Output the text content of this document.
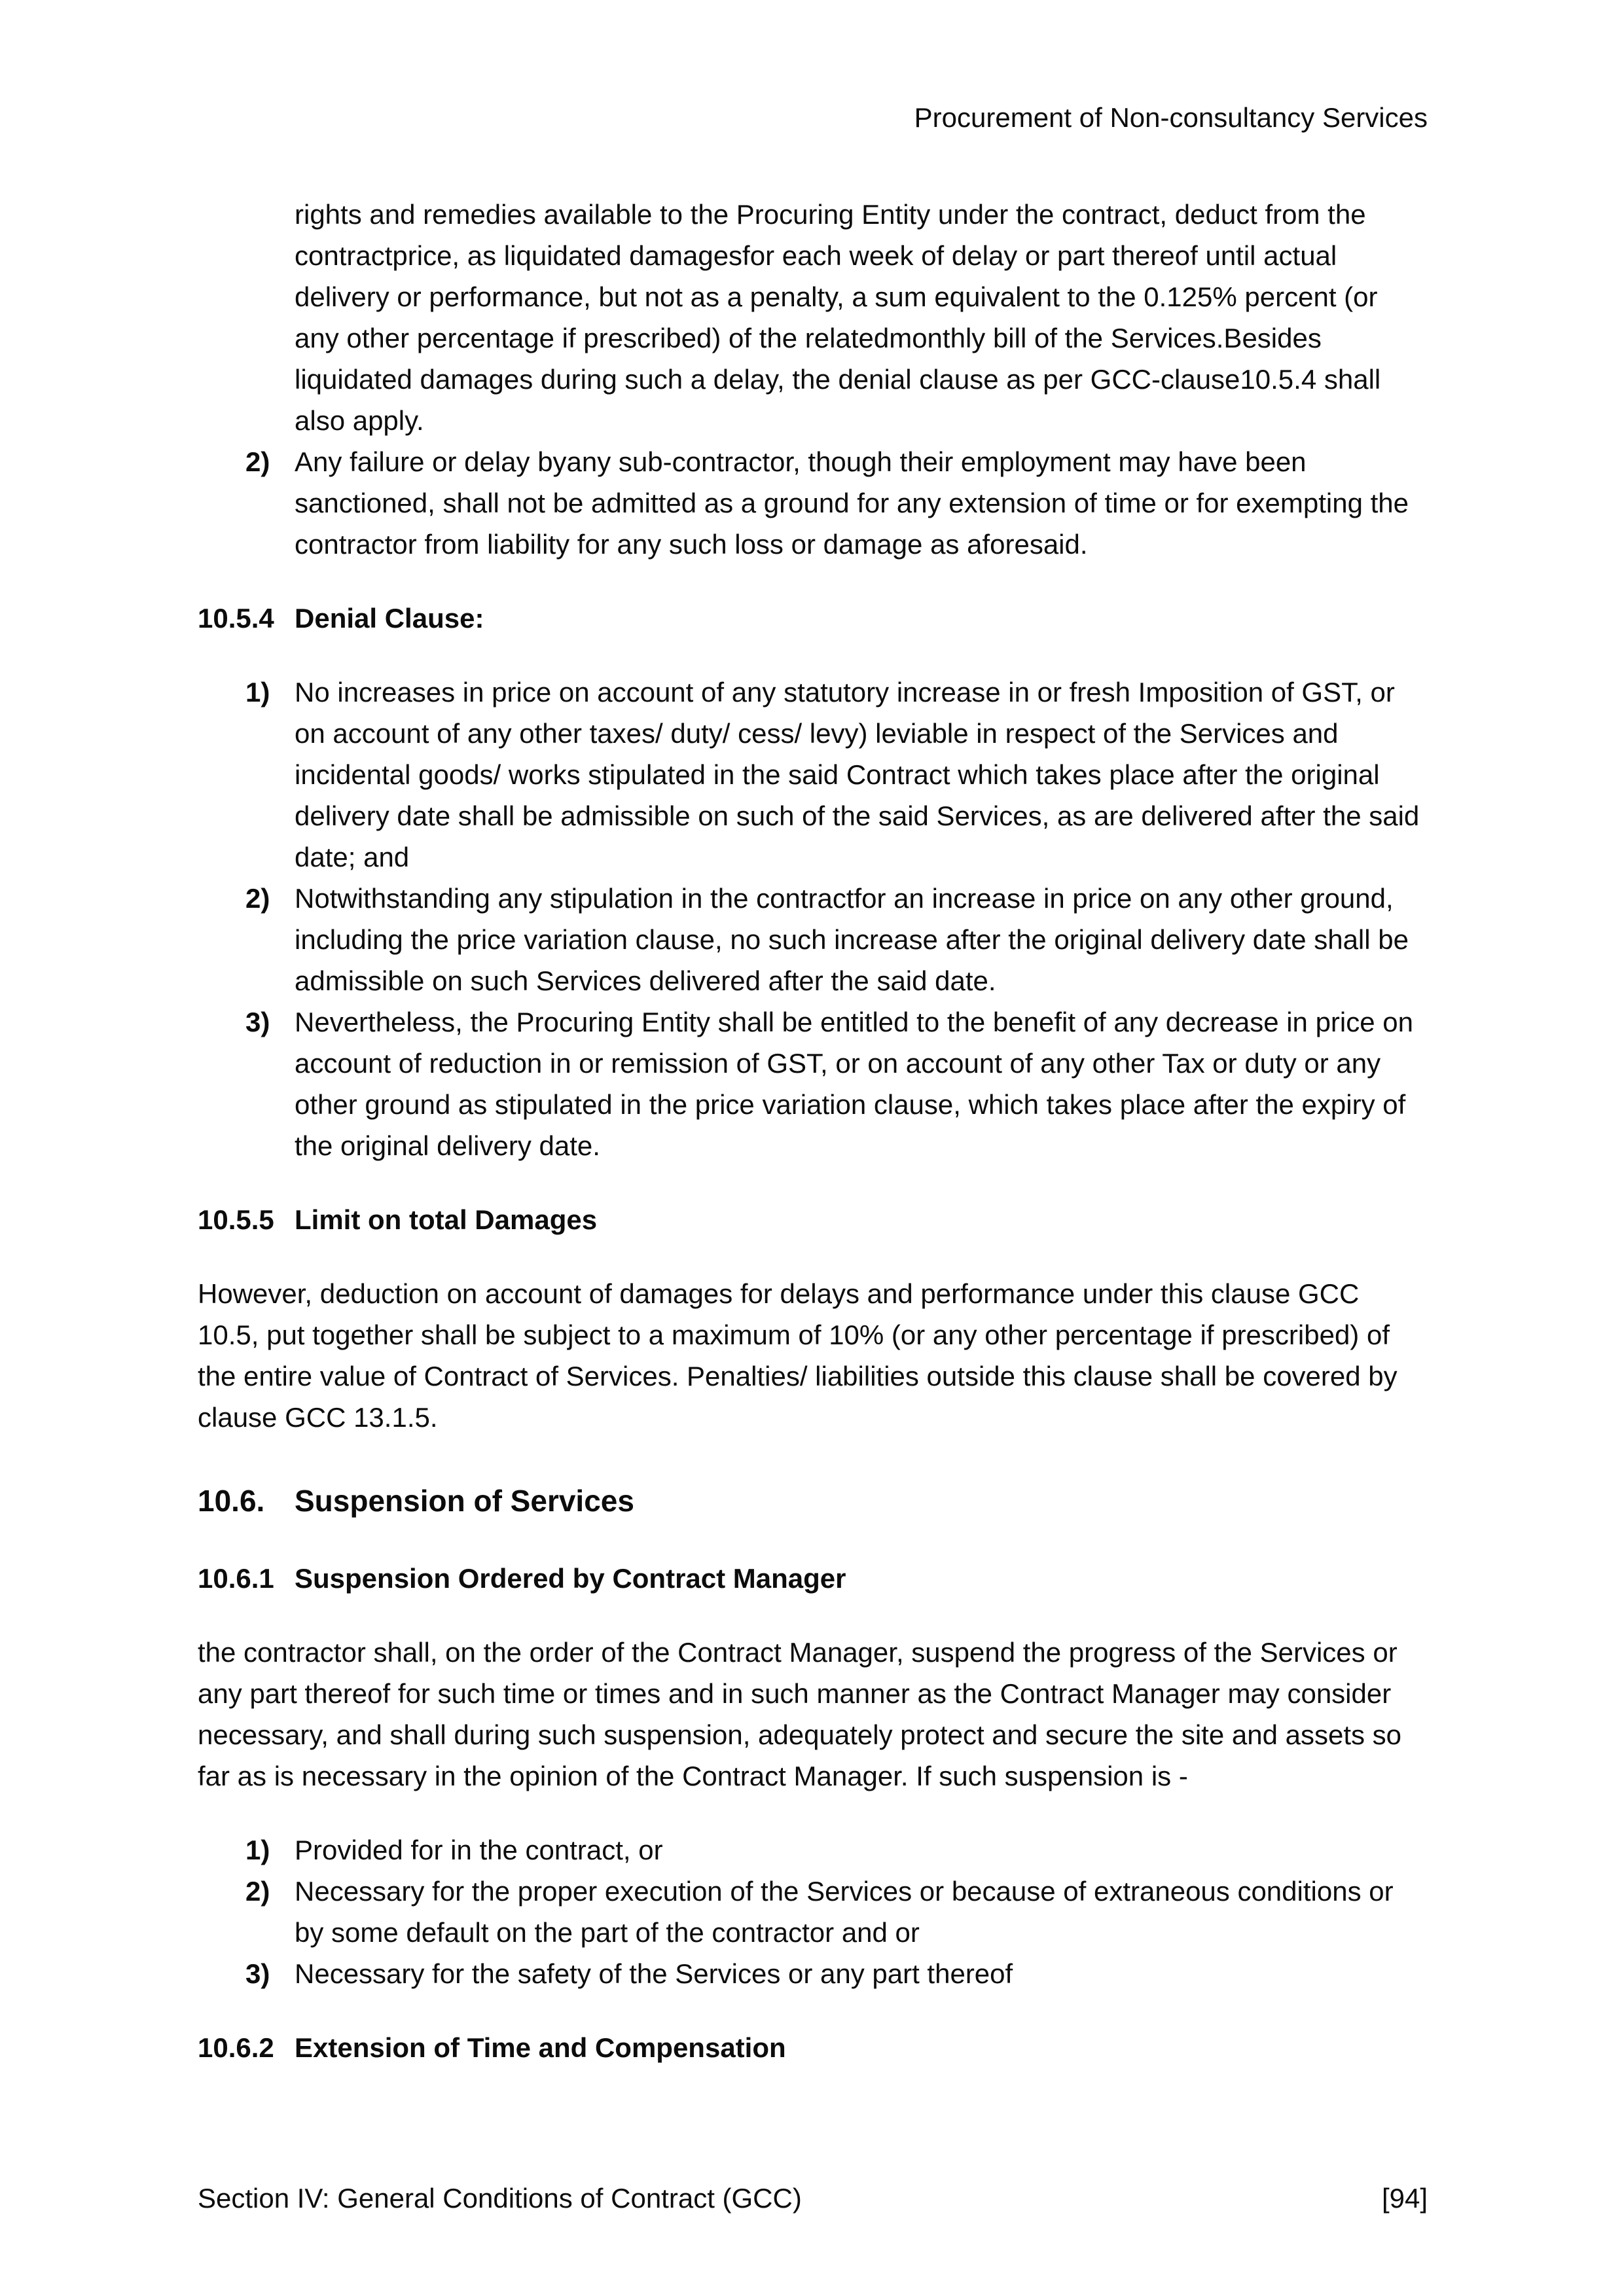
Procurement of Non-consultancy Services
rights and remedies available to the Procuring Entity under the contract, deduct from the contractprice, as liquidated damagesfor each week of delay or part thereof until actual delivery or performance, but not as a penalty, a sum equivalent to the 0.125% percent (or any other percentage if prescribed) of the relatedmonthly bill of the Services.Besides liquidated damages during such a delay, the denial clause as per GCC-clause10.5.4 shall also apply.
2) Any failure or delay byany sub-contractor, though their employment may have been sanctioned, shall not be admitted as a ground for any extension of time or for exempting the contractor from liability for any such loss or damage as aforesaid.
10.5.4 Denial Clause:
1) No increases in price on account of any statutory increase in or fresh Imposition of GST, or on account of any other taxes/ duty/ cess/ levy) leviable in respect of the Services and incidental goods/ works stipulated in the said Contract which takes place after the original delivery date shall be admissible on such of the said Services, as are delivered after the said date; and
2) Notwithstanding any stipulation in the contractfor an increase in price on any other ground, including the price variation clause, no such increase after the original delivery date shall be admissible on such Services delivered after the said date.
3) Nevertheless, the Procuring Entity shall be entitled to the benefit of any decrease in price on account of reduction in or remission of GST, or on account of any other Tax or duty or any other ground as stipulated in the price variation clause, which takes place after the expiry of the original delivery date.
10.5.5 Limit on total Damages

However, deduction on account of damages for delays and performance under this clause GCC 10.5, put together shall be subject to a maximum of 10% (or any other percentage if prescribed) of the entire value of Contract of Services. Penalties/ liabilities outside this clause shall be covered by clause GCC 13.1.5.

10.6. Suspension of Services
10.6.1 Suspension Ordered by Contract Manager

the contractor shall, on the order of the Contract Manager, suspend the progress of the Services or any part thereof for such time or times and in such manner as the Contract Manager may consider necessary, and shall during such suspension, adequately protect and secure the site and assets so far as is necessary in the opinion of the Contract Manager. If such suspension is -

1) Provided for in the contract, or
2) Necessary for the proper execution of the Services or because of extraneous conditions or by some default on the part of the contractor and or
3) Necessary for the safety of the Services or any part thereof
10.6.2 Extension of Time and Compensation
Section IV: General Conditions of Contract (GCC)	[94]
